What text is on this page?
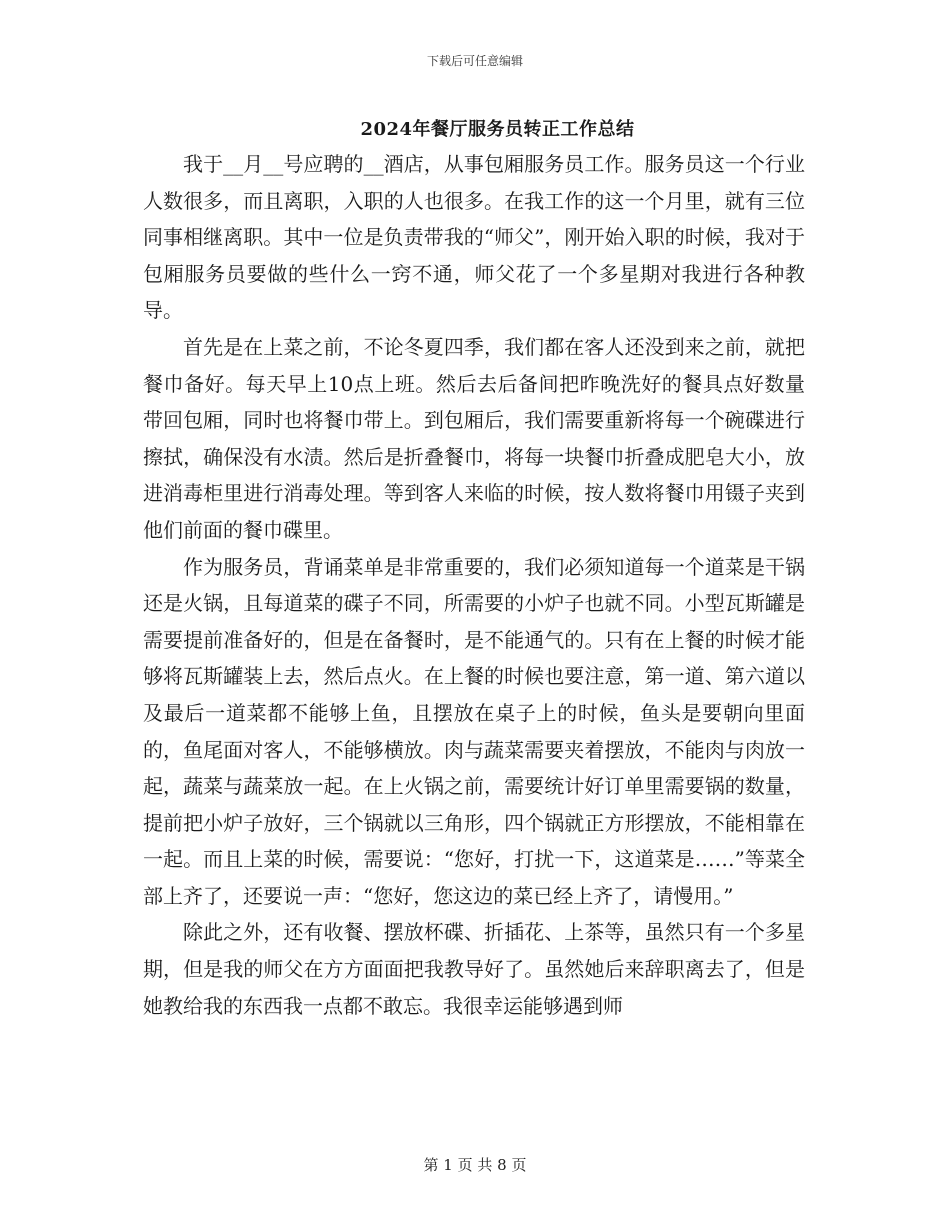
下载后可任意编辑
2024年餐厅服务员转正工作总结

我于__月__号应聘的__酒店，从事包厢服务员工作。服务员这一个行业人数很多，而且离职，入职的人也很多。在我工作的这一个月里，就有三位同事相继离职。其中一位是负责带我的“师父”，刚开始入职的时候，我对于包厢服务员要做的些什么一窍不通，师父花了一个多星期对我进行各种教导。

首先是在上菜之前，不论冬夏四季，我们都在客人还没到来之前，就把餐巾备好。每天早上10点上班。然后去后备间把昨晚洗好的餐具点好数量带回包厢，同时也将餐巾带上。到包厢后，我们需要重新将每一个碗碟进行擦拭，确保没有水渍。然后是折叠餐巾，将每一块餐巾折叠成肥皂大小，放进消毒柜里进行消毒处理。等到客人来临的时候，按人数将餐巾用镊子夹到他们前面的餐巾碟里。

作为服务员，背诵菜单是非常重要的，我们必须知道每一个道菜是干锅还是火锅，且每道菜的碟子不同，所需要的小炉子也就不同。小型瓦斯罐是需要提前准备好的，但是在备餐时，是不能通气的。只有在上餐的时候才能够将瓦斯罐装上去，然后点火。在上餐的时候也要注意，第一道、第六道以及最后一道菜都不能够上鱼，且摆放在桌子上的时候，鱼头是要朝向里面的，鱼尾面对客人，不能够横放。肉与蔬菜需要夹着摆放，不能肉与肉放一起，蔬菜与蔬菜放一起。在上火锅之前，需要统计好订单里需要锅的数量，提前把小炉子放好，三个锅就以三角形，四个锅就正方形摆放，不能相靠在一起。而且上菜的时候，需要说：“您好，打扰一下，这道菜是……”等菜全部上齐了，还要说一声：“您好，您这边的菜已经上齐了，请慢用。”

除此之外，还有收餐、摆放杯碟、折插花、上茶等，虽然只有一个多星期，但是我的师父在方方面面把我教导好了。虽然她后来辞职离去了，但是她教给我的东西我一点都不敢忘。我很幸运能够遇到师

第 1 页 共 8 页
